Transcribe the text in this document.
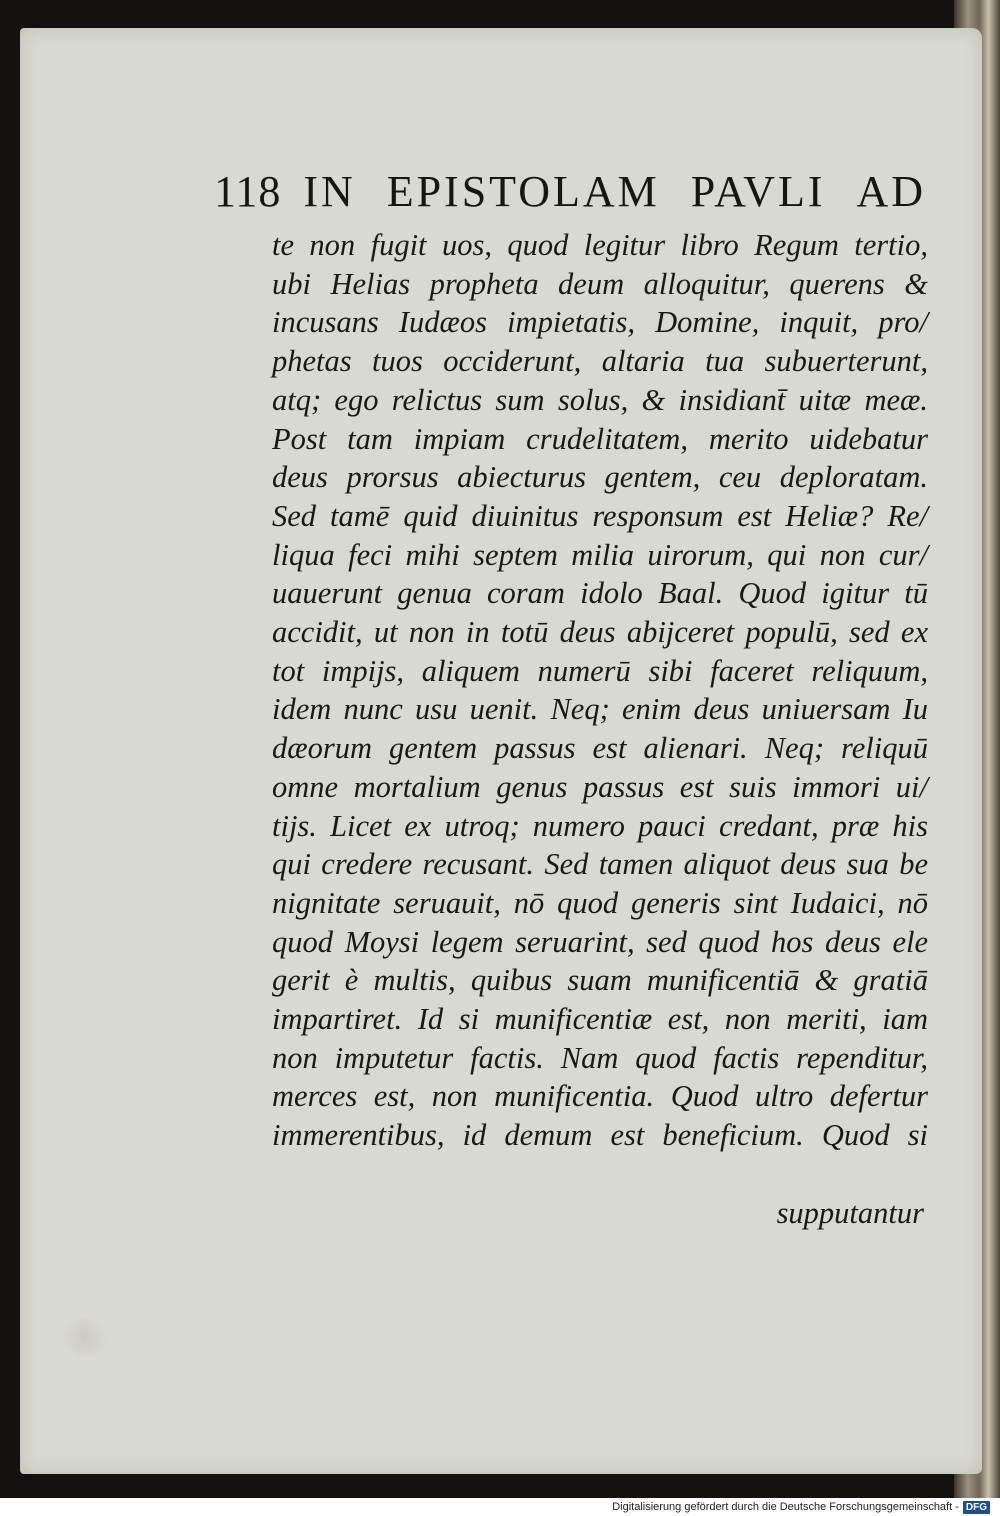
118 IN EPISTOLAM PAVLI AD
te non fugit uos, quod legitur libro Regum tertio,
ubi Helias propheta deum alloquitur, querens &
incusans Iudæos impietatis, Domine, inquit, pro/
phetas tuos occiderunt, altaria tua subuerterunt,
atq; ego relictus sum solus, & insidiant̄ uitæ meæ.
Post tam impiam crudelitatem, merito uidebatur
deus prorsus abiecturus gentem, ceu deploratam.
Sed tamē quid diuinitus responsum est Heliæ? Re/
liqua feci mihi septem milia uirorum, qui non cur/
uauerunt genua coram idolo Baal. Quod igitur tū
accidit, ut non in totū deus abijceret populū, sed ex
tot impijs, aliquem numerū sibi faceret reliquum,
idem nunc usu uenit. Neq; enim deus uniuersam Iu
dæorum gentem passus est alienari. Neq; reliquū
omne mortalium genus passus est suis immori ui/
tijs. Licet ex utroq; numero pauci credant, præ his
qui credere recusant. Sed tamen aliquot deus sua be
nignitate seruauit, nō quod generis sint Iudaici, nō
quod Moysi legem seruarint, sed quod hos deus ele
gerit è multis, quibus suam munificentiā & gratiā
impartiret. Id si munificentiæ est, non meriti, iam
non imputetur factis. Nam quod factis rependitur,
merces est, non munificentia. Quod ultro defertur
immerentibus, id demum est beneficium. Quod si
supputantur
Digitalisierung gefördert durch die Deutsche Forschungsgemeinschaft - DFG
